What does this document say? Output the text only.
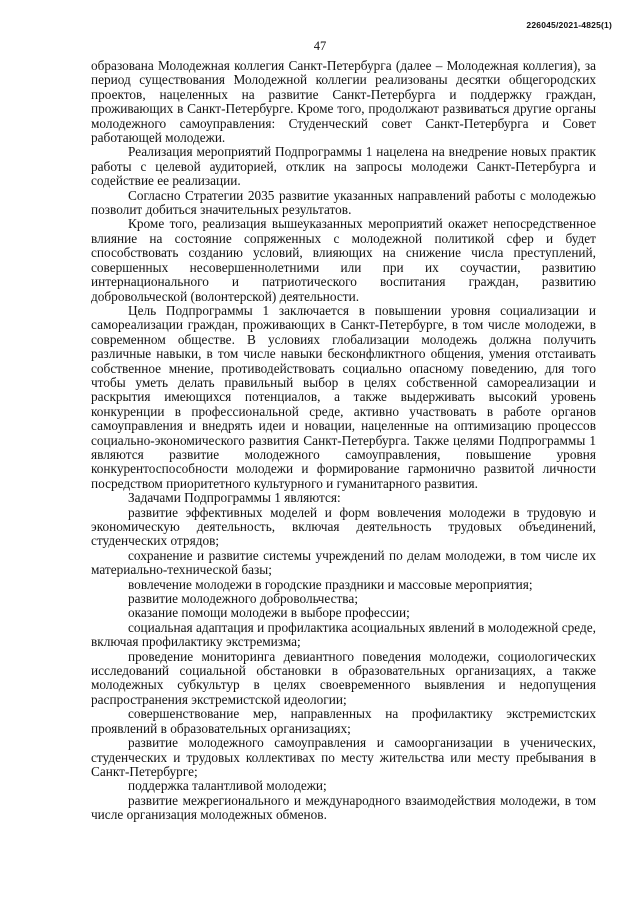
226045/2021-4825(1)
47

образована Молодежная коллегия Санкт-Петербурга (далее – Молодежная коллегия), за период существования Молодежной коллегии реализованы десятки общегородских проектов, нацеленных на развитие Санкт-Петербурга и поддержку граждан, проживающих в Санкт-Петербурге. Кроме того, продолжают развиваться другие органы молодежного самоуправления: Студенческий совет Санкт-Петербурга и Совет работающей молодежи.

Реализация мероприятий Подпрограммы 1 нацелена на внедрение новых практик работы с целевой аудиторией, отклик на запросы молодежи Санкт-Петербурга и содействие ее реализации.

Согласно Стратегии 2035 развитие указанных направлений работы с молодежью позволит добиться значительных результатов.

Кроме того, реализация вышеуказанных мероприятий окажет непосредственное влияние на состояние сопряженных с молодежной политикой сфер и будет способствовать созданию условий, влияющих на снижение числа преступлений, совершенных несовершеннолетними или при их соучастии, развитию интернационального и патриотического воспитания граждан, развитию добровольческой (волонтерской) деятельности.

Цель Подпрограммы 1 заключается в повышении уровня социализации и самореализации граждан, проживающих в Санкт-Петербурге, в том числе молодежи, в современном обществе. В условиях глобализации молодежь должна получить различные навыки, в том числе навыки бесконфликтного общения, умения отстаивать собственное мнение, противодействовать социально опасному поведению, для того чтобы уметь делать правильный выбор в целях собственной самореализации и раскрытия имеющихся потенциалов, а также выдерживать высокий уровень конкуренции в профессиональной среде, активно участвовать в работе органов самоуправления и внедрять идеи и новации, нацеленные на оптимизацию процессов социально-экономического развития Санкт-Петербурга. Также целями Подпрограммы 1 являются развитие молодежного самоуправления, повышение уровня конкурентоспособности молодежи и формирование гармонично развитой личности посредством приоритетного культурного и гуманитарного развития.

Задачами Подпрограммы 1 являются:

развитие эффективных моделей и форм вовлечения молодежи в трудовую и экономическую деятельность, включая деятельность трудовых объединений, студенческих отрядов;

сохранение и развитие системы учреждений по делам молодежи, в том числе их материально-технической базы;

вовлечение молодежи в городские праздники и массовые мероприятия;

развитие молодежного добровольчества;

оказание помощи молодежи в выборе профессии;

социальная адаптация и профилактика асоциальных явлений в молодежной среде, включая профилактику экстремизма;

проведение мониторинга девиантного поведения молодежи, социологических исследований социальной обстановки в образовательных организациях, а также молодежных субкультур в целях своевременного выявления и недопущения распространения экстремистской идеологии;

совершенствование мер, направленных на профилактику экстремистских проявлений в образовательных организациях;

развитие молодежного самоуправления и самоорганизации в ученических, студенческих и трудовых коллективах по месту жительства или месту пребывания в Санкт-Петербурге;

поддержка талантливой молодежи;

развитие межрегионального и международного взаимодействия молодежи, в том числе организация молодежных обменов.
